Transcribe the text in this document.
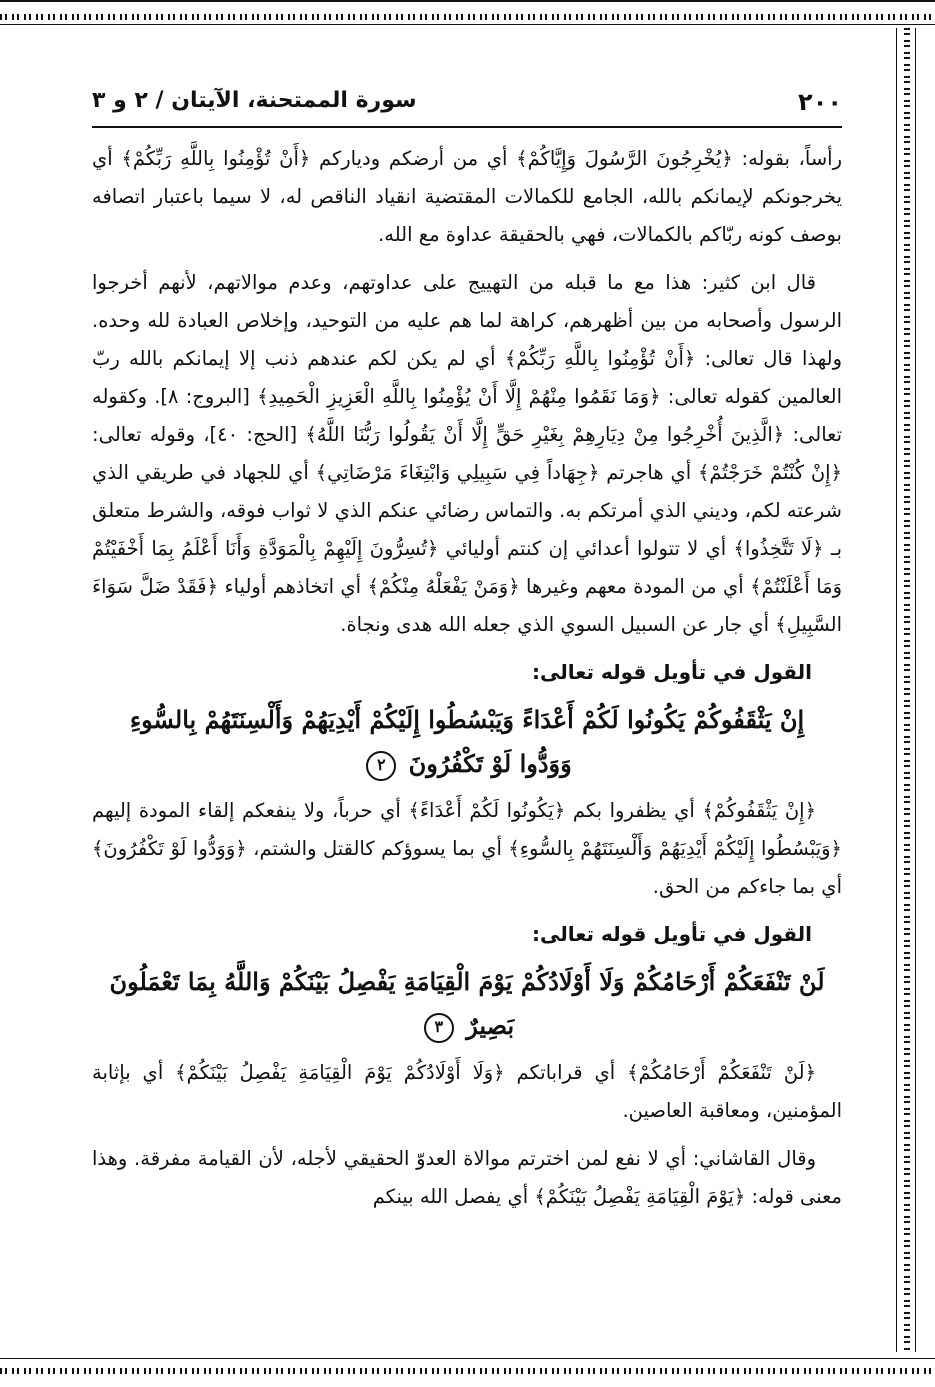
٢٠٠
سورة الممتحنة، الآيتان / ٢ و ٣

رأساً، بقوله: ﴿يُخْرِجُونَ الرَّسُولَ وَإِيَّاكُمْ﴾ أي من أرضكم ودياركم ﴿أَنْ تُؤْمِنُوا بِاللَّهِ رَبِّكُمْ﴾ أي يخرجونكم لإيمانكم بالله، الجامع للكمالات المقتضية انقياد الناقص له، لا سيما باعتبار اتصافه بوصف كونه ربّاكم بالكمالات، فهي بالحقيقة عداوة مع الله.

قال ابن كثير: هذا مع ما قبله من التهييج على عداوتهم، وعدم موالاتهم، لأنهم أخرجوا الرسول وأصحابه من بين أظهرهم، كراهة لما هم عليه من التوحيد، وإخلاص العبادة لله وحده. ولهذا قال تعالى: ﴿أَنْ تُؤْمِنُوا بِاللَّهِ رَبِّكُمْ﴾ أي لم يكن لكم عندهم ذنب إلا إيمانكم بالله ربّ العالمين كقوله تعالى: ﴿وَمَا نَقَمُوا مِنْهُمْ إِلَّا أَنْ يُؤْمِنُوا بِاللَّهِ الْعَزِيزِ الْحَمِيدِ﴾ [البروج: ٨]. وكقوله تعالى: ﴿الَّذِينَ أُخْرِجُوا مِنْ دِيَارِهِمْ بِغَيْرِ حَقٍّ إِلَّا أَنْ يَقُولُوا رَبُّنَا اللَّهُ﴾ [الحج: ٤٠]، وقوله تعالى: ﴿إِنْ كُنْتُمْ خَرَجْتُمْ﴾ أي هاجرتم ﴿جِهَاداً فِي سَبِيلِي وَابْتِغَاءَ مَرْضَاتِي﴾ أي للجهاد في طريقي الذي شرعته لكم، وديني الذي أمرتكم به. والتماس رضائي عنكم الذي لا ثواب فوقه، والشرط متعلق بـ ﴿لَا تَتَّخِذُوا﴾ أي لا تتولوا أعدائي إن كنتم أوليائي ﴿تُسِرُّونَ إِلَيْهِمْ بِالْمَوَدَّةِ وَأَنَا أَعْلَمُ بِمَا أَخْفَيْتُمْ وَمَا أَعْلَنْتُمْ﴾ أي من المودة معهم وغيرها ﴿وَمَنْ يَفْعَلْهُ مِنْكُمْ﴾ أي اتخاذهم أولياء ﴿فَقَدْ ضَلَّ سَوَاءَ السَّبِيلِ﴾ أي جار عن السبيل السوي الذي جعله الله هدى ونجاة.

القول في تأويل قوله تعالى:
إِنْ يَثْقَفُوكُمْ يَكُونُوا لَكُمْ أَعْدَاءً وَيَبْسُطُوا إِلَيْكُمْ أَيْدِيَهُمْ وَأَلْسِنَتَهُمْ بِالسُّوءِ وَوَدُّوا لَوْ تَكْفُرُونَ ٢

﴿إِنْ يَثْقَفُوكُمْ﴾ أي يظفروا بكم ﴿يَكُونُوا لَكُمْ أَعْدَاءً﴾ أي حرباً، ولا ينفعكم إلقاء المودة إليهم ﴿وَيَبْسُطُوا إِلَيْكُمْ أَيْدِيَهُمْ وَأَلْسِنَتَهُمْ بِالسُّوءِ﴾ أي بما يسوؤكم كالقتل والشتم، ﴿وَوَدُّوا لَوْ تَكْفُرُونَ﴾ أي بما جاءكم من الحق.

القول في تأويل قوله تعالى:
لَنْ تَنْفَعَكُمْ أَرْحَامُكُمْ وَلَا أَوْلَادُكُمْ يَوْمَ الْقِيَامَةِ يَفْصِلُ بَيْنَكُمْ وَاللَّهُ بِمَا تَعْمَلُونَ بَصِيرٌ ٣

﴿لَنْ تَنْفَعَكُمْ أَرْحَامُكُمْ﴾ أي قراباتكم ﴿وَلَا أَوْلَادُكُمْ يَوْمَ الْقِيَامَةِ يَفْصِلُ بَيْنَكُمْ﴾ أي بإثابة المؤمنين، ومعاقبة العاصين.

وقال القاشاني: أي لا نفع لمن اخترتم موالاة العدوّ الحقيقي لأجله، لأن القيامة مفرقة. وهذا معنى قوله: ﴿يَوْمَ الْقِيَامَةِ يَفْصِلُ بَيْنَكُمْ﴾ أي يفصل الله بينكم
